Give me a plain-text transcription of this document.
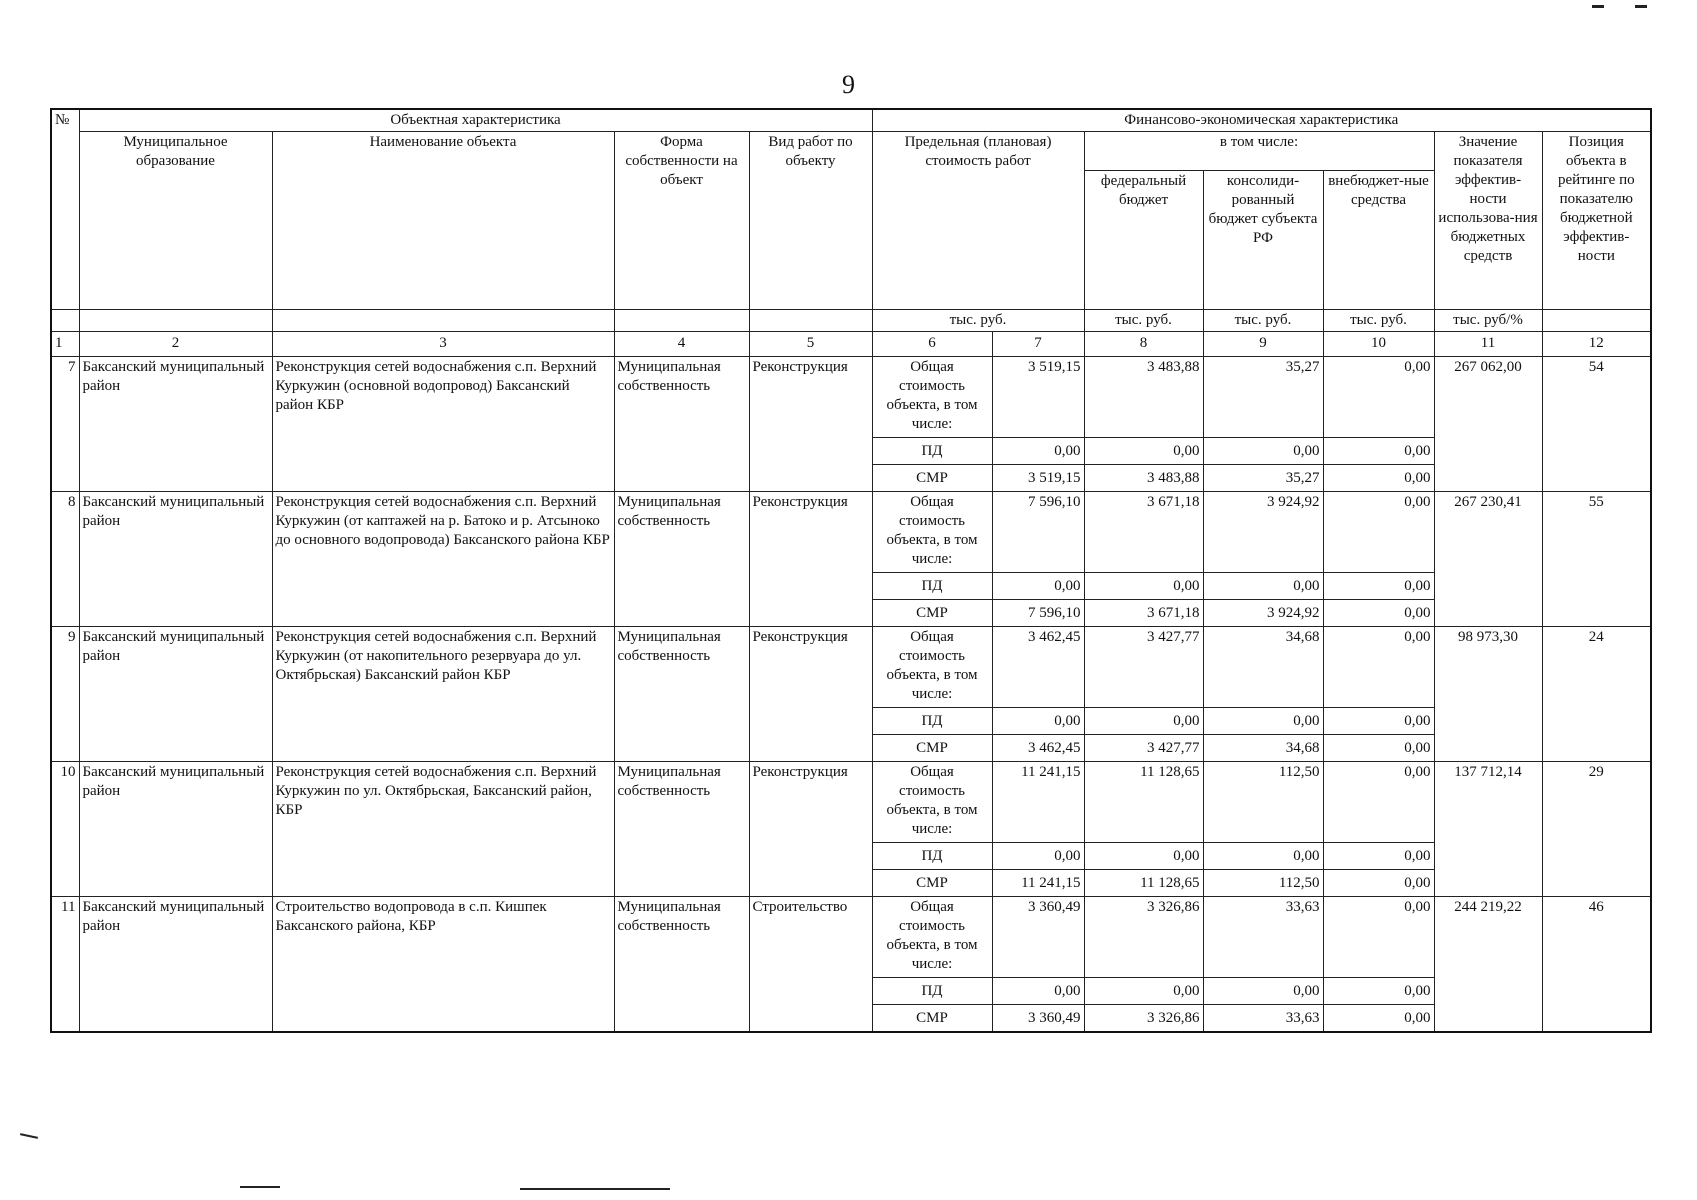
9
№	Объектная характеристика				Финансово-экономическая характеристика						
	Муниципальное образование	Наименование объекта	Форма собственности на объект	Вид работ по объекту	Предельная (плановая) стоимость работ		в том числе:			Значение показателя эффектив-ности использова-ния бюджетных средств	Позиция объекта в рейтинге по показателю бюджетной эффектив-ности
							федеральный бюджет	консолиди-рованный бюджет субъекта РФ	внебюджет-ные средства		
					тыс. руб.		тыс. руб.	тыс. руб.	тыс. руб.	тыс. руб/%	
1	2	3	4	5	6	7	8	9	10	11	12
7	Баксанский муниципальный район	Реконструкция сетей водоснабжения с.п. Верхний Куркужин (основной водопровод) Баксанский район КБР	Муниципальная собственность	Реконструкция	Общая стоимость объекта, в том числе:	3 519,15	3 483,88	35,27	0,00	267 062,00	54
					ПД	0,00	0,00	0,00	0,00		
					СМР	3 519,15	3 483,88	35,27	0,00		
8	Баксанский муниципальный район	Реконструкция сетей водоснабжения с.п. Верхний Куркужин (от каптажей на р. Батоко и р. Атсыноко до основного водопровода) Баксанского района КБР	Муниципальная собственность	Реконструкция	Общая стоимость объекта, в том числе:	7 596,10	3 671,18	3 924,92	0,00	267 230,41	55
					ПД	0,00	0,00	0,00	0,00		
					СМР	7 596,10	3 671,18	3 924,92	0,00		
9	Баксанский муниципальный район	Реконструкция сетей водоснабжения с.п. Верхний Куркужин (от накопительного резервуара до ул. Октябрьская) Баксанский район КБР	Муниципальная собственность	Реконструкция	Общая стоимость объекта, в том числе:	3 462,45	3 427,77	34,68	0,00	98 973,30	24
					ПД	0,00	0,00	0,00	0,00		
					СМР	3 462,45	3 427,77	34,68	0,00		
10	Баксанский муниципальный район	Реконструкция сетей водоснабжения с.п. Верхний Куркужин по ул. Октябрьская, Баксанский район, КБР	Муниципальная собственность	Реконструкция	Общая стоимость объекта, в том числе:	11 241,15	11 128,65	112,50	0,00	137 712,14	29
					ПД	0,00	0,00	0,00	0,00		
					СМР	11 241,15	11 128,65	112,50	0,00		
11	Баксанский муниципальный район	Строительство водопровода в с.п. Кишпек Баксанского района, КБР	Муниципальная собственность	Строительство	Общая стоимость объекта, в том числе:	3 360,49	3 326,86	33,63	0,00	244 219,22	46
					ПД	0,00	0,00	0,00	0,00		
					СМР	3 360,49	3 326,86	33,63	0,00		
